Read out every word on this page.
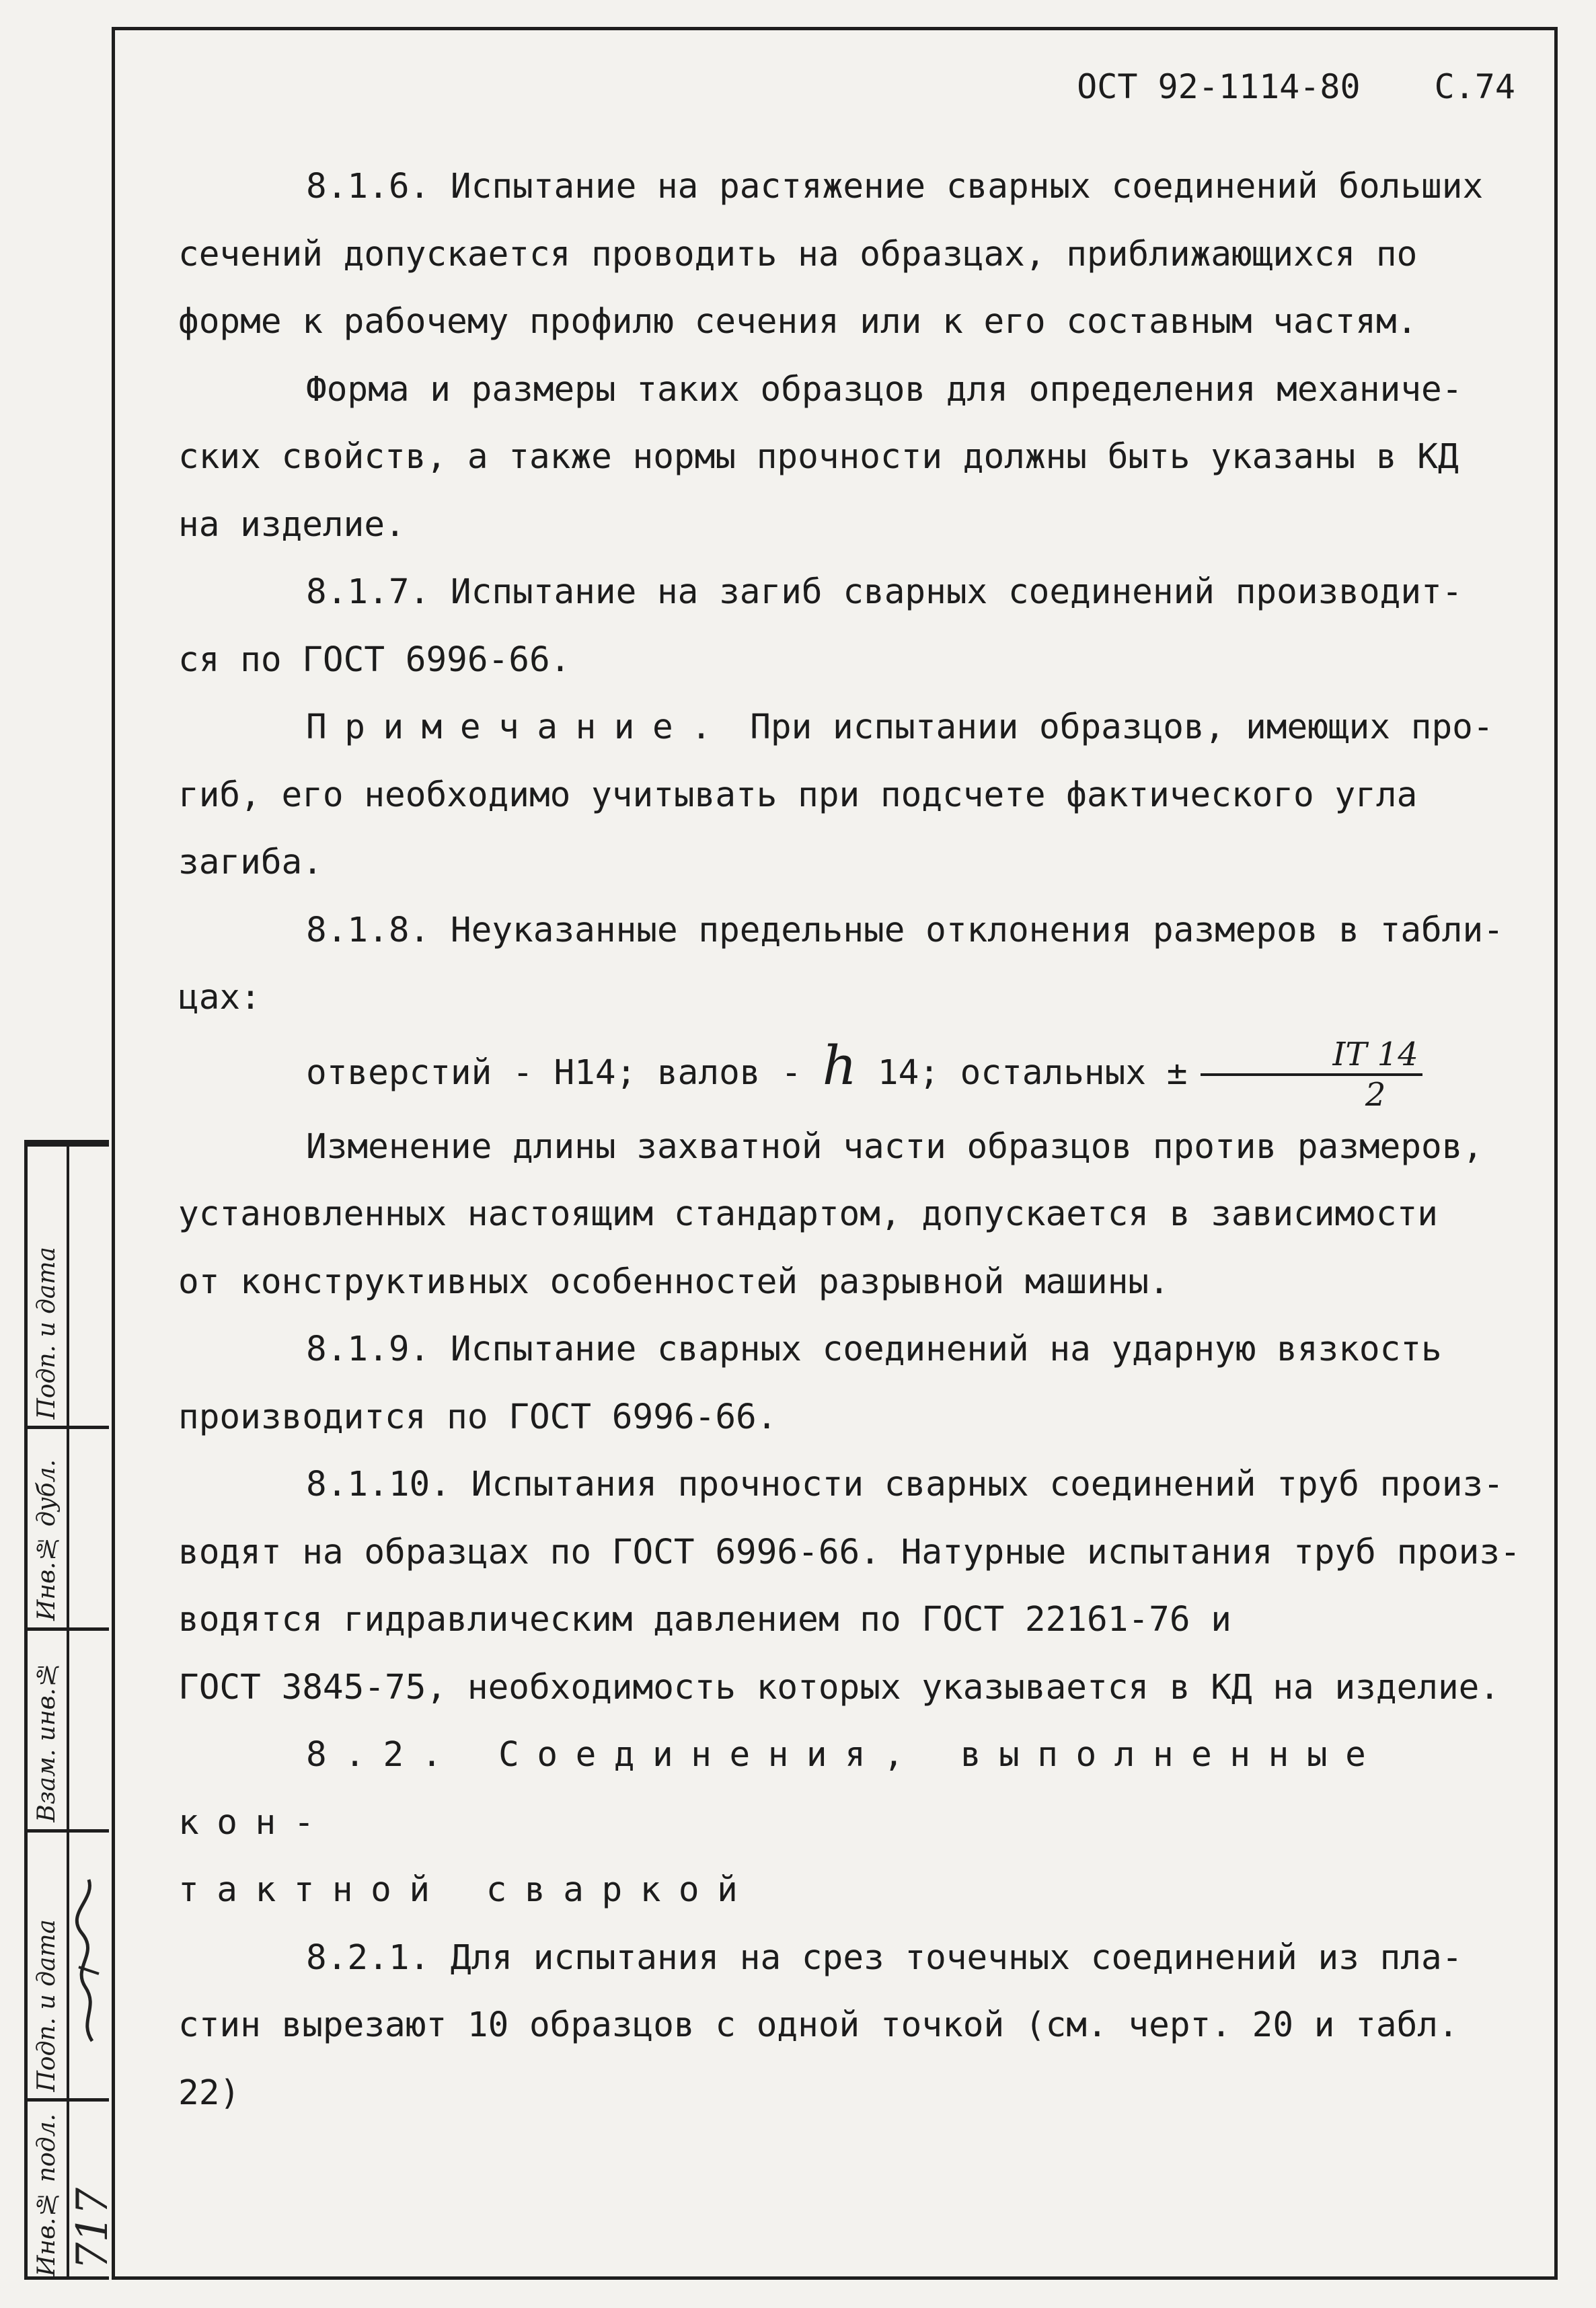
ОСТ 92-1114-80 С.74

8.1.6. Испытание на растяжение сварных соединений больших

сечений допускается проводить на образцах, приближающихся по

форме к рабочему профилю сечения или к его составным частям.

Форма и размеры таких образцов для определения механиче-

ских свойств, а также нормы прочности должны быть указаны в КД

на изделие.

8.1.7. Испытание на загиб сварных соединений производит-

ся по ГОСТ 6996-66.

Примечание. При испытании образцов, имеющих про-

гиб, его необходимо учитывать при подсчете фактического угла

загиба.

8.1.8. Неуказанные предельные отклонения размеров в табли-

цах:

отверстий - Н14; валов - h 14; остальных ± $\frac{IT 14}{2}$

Изменение длины захватной части образцов против размеров,

установленных настоящим стандартом, допускается в зависимости

от конструктивных особенностей разрывной машины.

8.1.9. Испытание сварных соединений на ударную вязкость

производится по ГОСТ 6996-66.

8.1.10. Испытания прочности сварных соединений труб произ-

водят на образцах по ГОСТ 6996-66. Натурные испытания труб произ-

водятся гидравлическим давлением по ГОСТ 22161-76 и

ГОСТ 3845-75, необходимость которых указывается в КД на изделие.

8.2. Соединения, выполненные кон-

тактной сваркой

8.2.1. Для испытания на срез точечных соединений из пла-

стин вырезают 10 образцов с одной точкой (см. черт. 20 и табл. 22)

Подп. и дата
Инв.№ дубл.
Взам. инв.№
Подп. и дата
Инв.№ подл. 717
